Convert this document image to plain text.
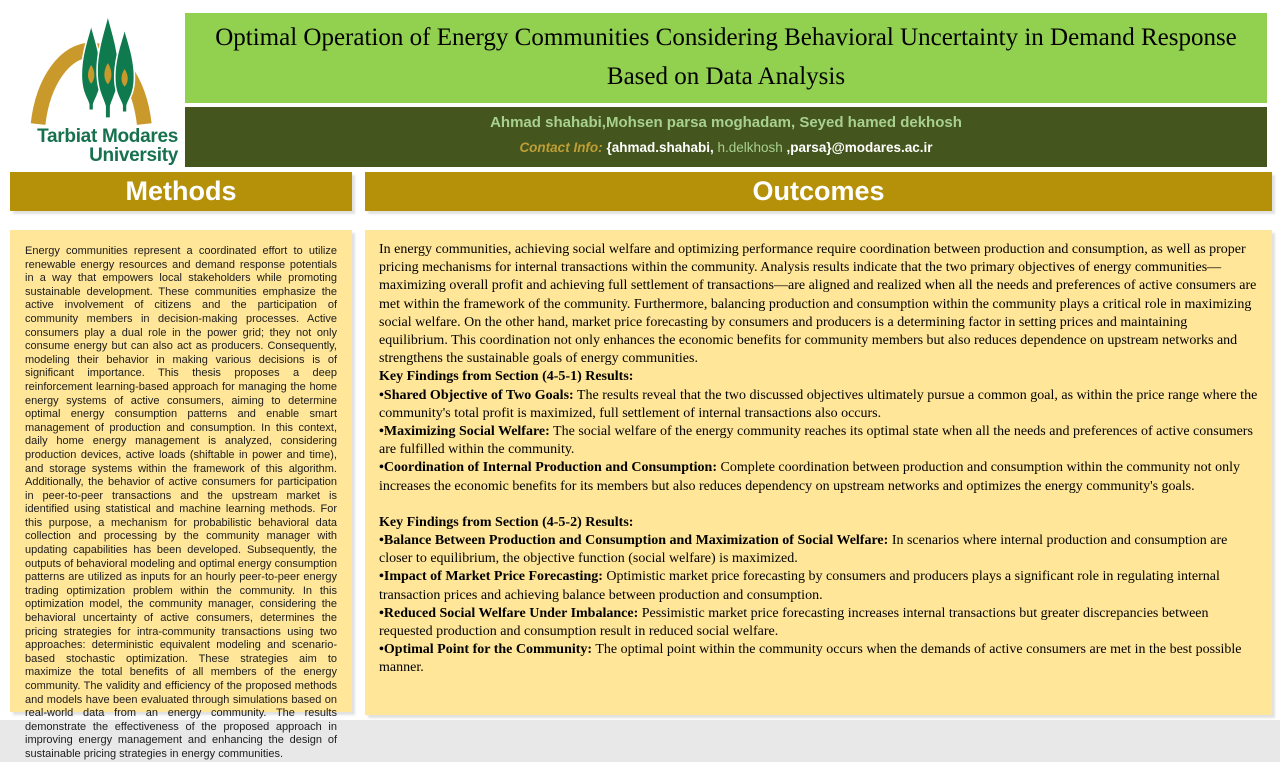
Tarbiat Modares
University
Optimal Operation of Energy Communities Considering Behavioral Uncertainty in Demand Response Based on Data Analysis
Ahmad shahabi,Mohsen parsa moghadam, Seyed hamed dekhosh
Contact Info: {ahmad.shahabi, h.delkhosh ,parsa}@modares.ac.ir
Methods	Outcomes

Energy communities represent a coordinated effort to utilize renewable energy resources and demand response potentials in a way that empowers local stakeholders while promoting sustainable development. These communities emphasize the active involvement of citizens and the participation of community members in decision-making processes. Active consumers play a dual role in the power grid; they not only consume energy but can also act as producers. Consequently, modeling their behavior in making various decisions is of significant importance. This thesis proposes a deep reinforcement learning-based approach for managing the home energy systems of active consumers, aiming to determine optimal energy consumption patterns and enable smart management of production and consumption. In this context, daily home energy management is analyzed, considering production devices, active loads (shiftable in power and time), and storage systems within the framework of this algorithm. Additionally, the behavior of active consumers for participation in peer-to-peer transactions and the upstream market is identified using statistical and machine learning methods. For this purpose, a mechanism for probabilistic behavioral data collection and processing by the community manager with updating capabilities has been developed. Subsequently, the outputs of behavioral modeling and optimal energy consumption patterns are utilized as inputs for an hourly peer-to-peer energy trading optimization problem within the community. In this optimization model, the community manager, considering the behavioral uncertainty of active consumers, determines the pricing strategies for intra-community transactions using two approaches: deterministic equivalent modeling and scenario-based stochastic optimization. These strategies aim to maximize the total benefits of all members of the energy community. The validity and efficiency of the proposed methods and models have been evaluated through simulations based on real-world data from an energy community. The results demonstrate the effectiveness of the proposed approach in improving energy management and enhancing the design of sustainable pricing strategies in energy communities.

In energy communities, achieving social welfare and optimizing performance require coordination between production and consumption, as well as proper pricing mechanisms for internal transactions within the community. Analysis results indicate that the two primary objectives of energy communities—maximizing overall profit and achieving full settlement of transactions—are aligned and realized when all the needs and preferences of active consumers are met within the framework of the community. Furthermore, balancing production and consumption within the community plays a critical role in maximizing social welfare. On the other hand, market price forecasting by consumers and producers is a determining factor in setting prices and maintaining equilibrium. This coordination not only enhances the economic benefits for community members but also reduces dependence on upstream networks and strengthens the sustainable goals of energy communities.

Key Findings from Section (4-5-1) Results:

•Shared Objective of Two Goals: The results reveal that the two discussed objectives ultimately pursue a common goal, as within the price range where the community's total profit is maximized, full settlement of internal transactions also occurs.

•Maximizing Social Welfare: The social welfare of the energy community reaches its optimal state when all the needs and preferences of active consumers are fulfilled within the community.

•Coordination of Internal Production and Consumption: Complete coordination between production and consumption within the community not only increases the economic benefits for its members but also reduces dependency on upstream networks and optimizes the energy community's goals.

Key Findings from Section (4-5-2) Results:

•Balance Between Production and Consumption and Maximization of Social Welfare: In scenarios where internal production and consumption are closer to equilibrium, the objective function (social welfare) is maximized.

•Impact of Market Price Forecasting: Optimistic market price forecasting by consumers and producers plays a significant role in regulating internal transaction prices and achieving balance between production and consumption.

•Reduced Social Welfare Under Imbalance: Pessimistic market price forecasting increases internal transactions but greater discrepancies between requested production and consumption result in reduced social welfare.

•Optimal Point for the Community: The optimal point within the community occurs when the demands of active consumers are met in the best possible manner.
